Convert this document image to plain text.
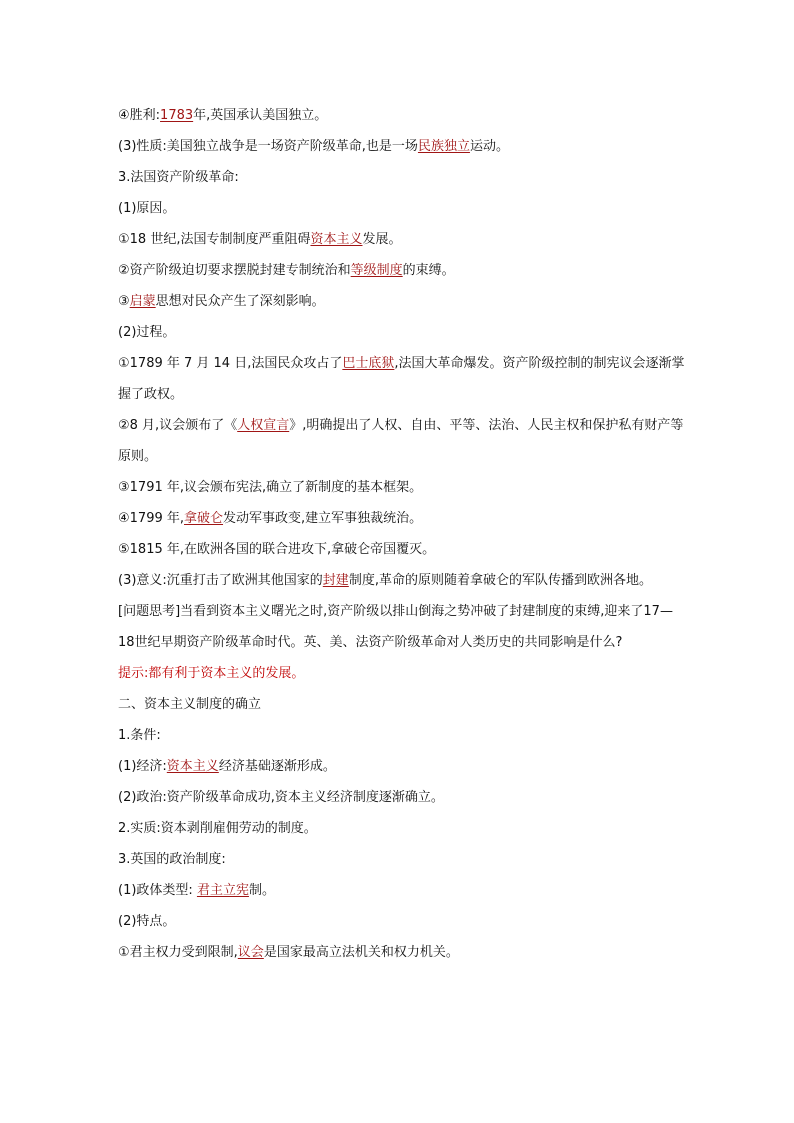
④胜利:1783年,英国承认美国独立。
(3)性质:美国独立战争是一场资产阶级革命,也是一场民族独立运动。
3.法国资产阶级革命:
(1)原因。
①18 世纪,法国专制制度严重阻碍资本主义发展。
②资产阶级迫切要求摆脱封建专制统治和等级制度的束缚。
③启蒙思想对民众产生了深刻影响。
(2)过程。
①1789 年 7 月 14 日,法国民众攻占了巴士底狱,法国大革命爆发。资产阶级控制的制宪议会逐渐掌握了政权。
②8 月,议会颁布了《人权宣言》,明确提出了人权、自由、平等、法治、人民主权和保护私有财产等原则。
③1791 年,议会颁布宪法,确立了新制度的基本框架。
④1799 年,拿破仑发动军事政变,建立军事独裁统治。
⑤1815 年,在欧洲各国的联合进攻下,拿破仑帝国覆灭。
(3)意义:沉重打击了欧洲其他国家的封建制度,革命的原则随着拿破仑的军队传播到欧洲各地。
[问题思考]当看到资本主义曙光之时,资产阶级以排山倒海之势冲破了封建制度的束缚,迎来了17—18世纪早期资产阶级革命时代。英、美、法资产阶级革命对人类历史的共同影响是什么?
提示:都有利于资本主义的发展。
二、资本主义制度的确立
1.条件:
(1)经济:资本主义经济基础逐渐形成。
(2)政治:资产阶级革命成功,资本主义经济制度逐渐确立。
2.实质:资本剥削雇佣劳动的制度。
3.英国的政治制度:
(1)政体类型: 君主立宪制。
(2)特点。
①君主权力受到限制,议会是国家最高立法机关和权力机关。
